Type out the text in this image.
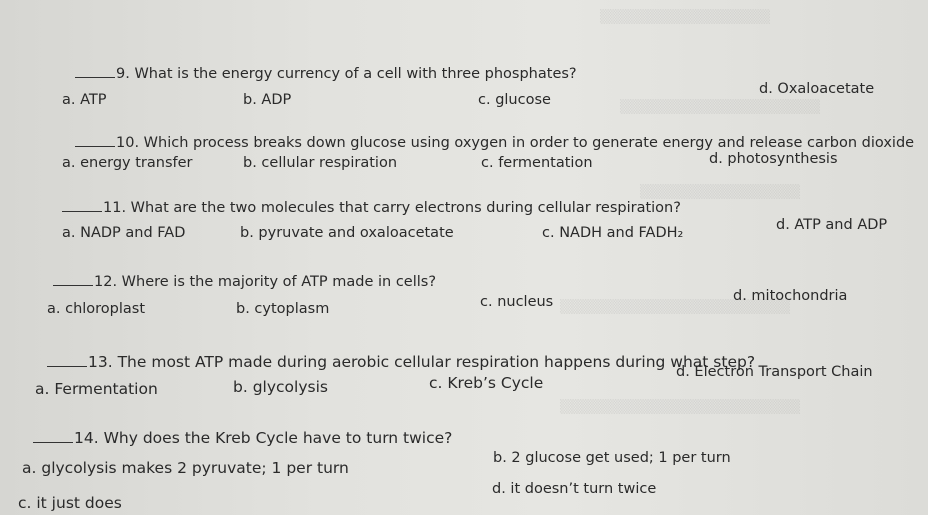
▒▒▒▒▒▒▒▒▒▒▒▒▒▒▒▒▒
▒▒▒▒▒▒▒▒▒▒▒▒▒▒▒▒▒▒▒▒
▒▒▒▒▒▒▒▒▒▒▒▒▒▒▒▒
▒▒▒▒▒▒▒▒▒▒▒▒▒▒▒▒▒▒▒▒▒▒▒
▒▒▒▒▒▒▒▒▒▒▒▒▒▒▒▒▒▒▒▒▒▒▒▒
9. What is the energy currency of a cell with three phosphates?
a. ATP	b. ADP	c. glucose
d. Oxaloacetate
10. Which process breaks down glucose using oxygen in order to generate energy and release carbon dioxide
a. energy transfer	b. cellular respiration	c. fermentation	d. photosynthesis
11. What are the two molecules that carry electrons during cellular respiration?
a. NADP and FAD	b. pyruvate and oxaloacetate	c. NADH and FADH₂	d. ATP and ADP
12. Where is the majority of ATP made in cells?
a. chloroplast	b. cytoplasm	c. nucleus	d. mitochondria
13. The most ATP made during aerobic cellular respiration happens during what step?
a. Fermentation	b. glycolysis	c. Kreb’s Cycle
d. Electron Transport Chain
14. Why does the Kreb Cycle have to turn twice?
a. glycolysis makes 2 pyruvate; 1 per turn
b. 2 glucose get used; 1 per turn
c. it just does
d. it doesn’t turn twice
